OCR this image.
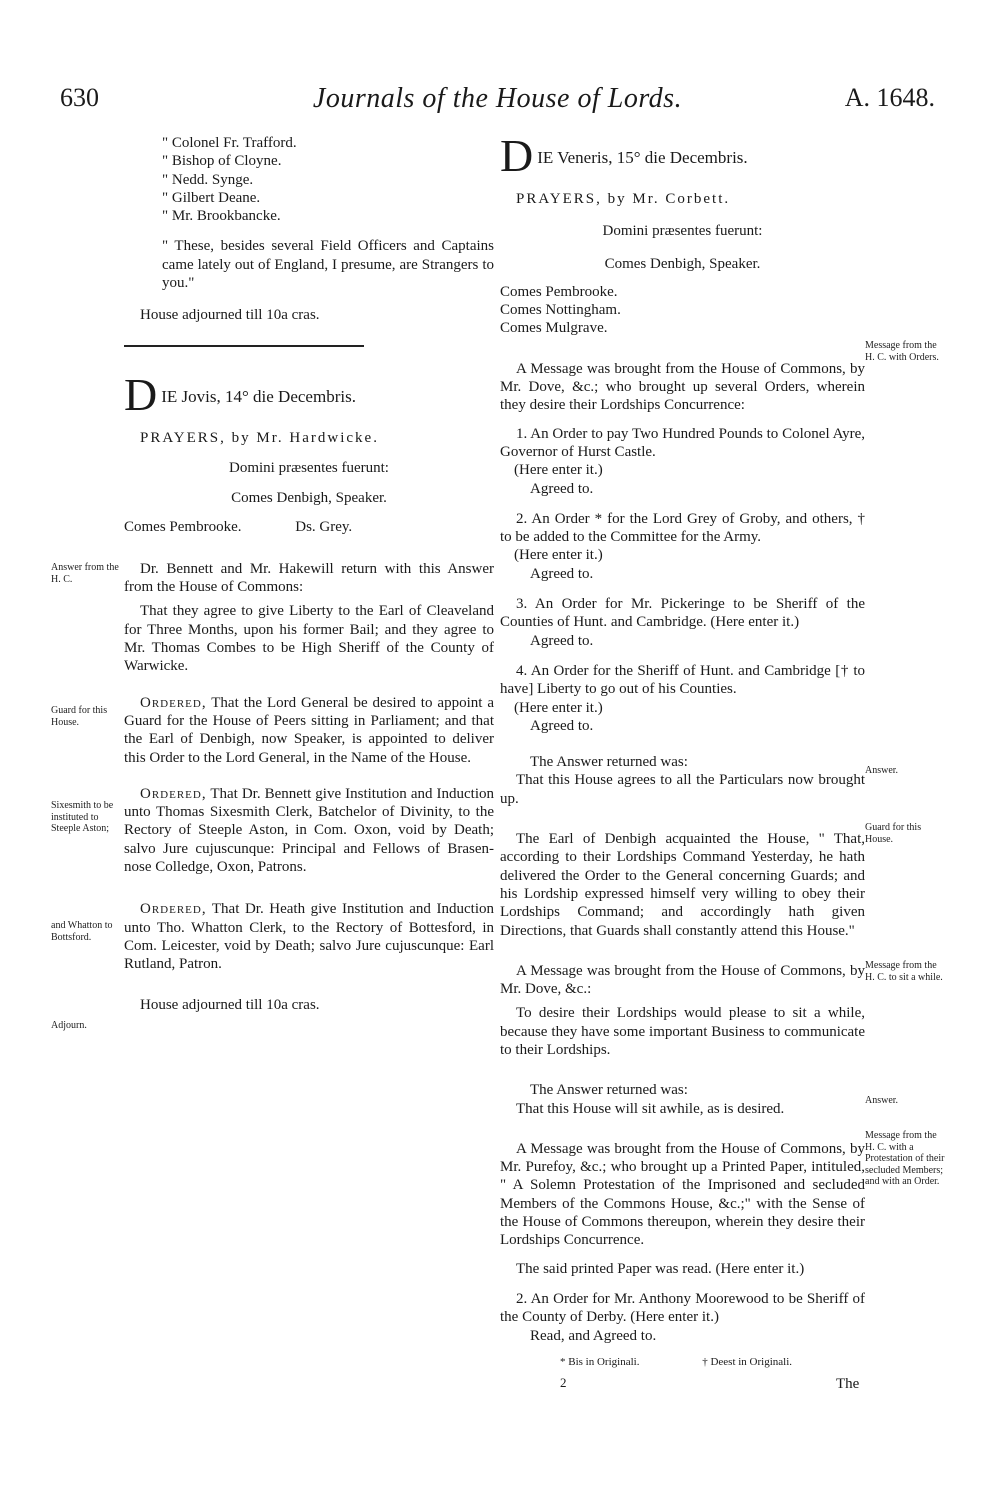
630	Journals of the House of Lords.	A. 1648.

" Colonel Fr. Trafford.

" Bishop of Cloyne.

" Nedd. Synge.

" Gilbert Deane.

" Mr. Brookbancke.

" These, besides several Field Officers and Captains came lately out of England, I presume, are Strangers to you."

House adjourned till 10a cras.

D IE Jovis, 14° die Decembris.

PRAYERS, by Mr. Hardwicke.

Domini præsentes fuerunt:

Comes Denbigh, Speaker.

Comes Pembrooke.	Ds. Grey.

Dr. Bennett and Mr. Hakewill return with this Answer from the House of Commons:

That they agree to give Liberty to the Earl of Cleaveland for Three Months, upon his former Bail; and they agree to Mr. Thomas Combes to be High Sheriff of the County of Warwicke.

Ordered, That the Lord General be desired to appoint a Guard for the House of Peers sitting in Parliament; and that the Earl of Denbigh, now Speaker, is appointed to deliver this Order to the Lord General, in the Name of the House.

Ordered, That Dr. Bennett give Institution and Induction unto Thomas Sixesmith Clerk, Batchelor of Divinity, to the Rectory of Steeple Aston, in Com. Oxon, void by Death; salvo Jure cujuscunque: Principal and Fellows of Brasen-nose Colledge, Oxon, Patrons.

Ordered, That Dr. Heath give Institution and Induction unto Tho. Whatton Clerk, to the Rectory of Bottesford, in Com. Leicester, void by Death; salvo Jure cujuscunque: Earl Rutland, Patron.

House adjourned till 10a cras.

Answer from the H. C.
Guard for this House.
Sixesmith to be instituted to Steeple Aston;
and Whatton to Bottsford.
Adjourn.
D IE Veneris, 15° die Decembris.

PRAYERS, by Mr. Corbett.

Domini præsentes fuerunt:

Comes Denbigh, Speaker.

Comes Pembrooke.

Comes Nottingham.

Comes Mulgrave.

A Message was brought from the House of Commons, by Mr. Dove, &c.; who brought up several Orders, wherein they desire their Lordships Concurrence:

1. An Order to pay Two Hundred Pounds to Colonel Ayre, Governor of Hurst Castle.

(Here enter it.)

Agreed to.

2. An Order * for the Lord Grey of Groby, and others, † to be added to the Committee for the Army.

(Here enter it.)

Agreed to.

3. An Order for Mr. Pickeringe to be Sheriff of the Counties of Hunt. and Cambridge. (Here enter it.)

Agreed to.

4. An Order for the Sheriff of Hunt. and Cambridge [† to have] Liberty to go out of his Counties.

(Here enter it.)

Agreed to.

The Answer returned was:

That this House agrees to all the Particulars now brought up.

The Earl of Denbigh acquainted the House, " That, according to their Lordships Command Yesterday, he hath delivered the Order to the General concerning Guards; and his Lordship expressed himself very willing to obey their Lordships Command; and accordingly hath given Directions, that Guards shall constantly attend this House."

A Message was brought from the House of Commons, by Mr. Dove, &c.:

To desire their Lordships would please to sit a while, because they have some important Business to communicate to their Lordships.

The Answer returned was:

That this House will sit awhile, as is desired.

A Message was brought from the House of Commons, by Mr. Purefoy, &c.; who brought up a Printed Paper, intituled, " A Solemn Protestation of the Imprisoned and secluded Members of the Commons House, &c.;" with the Sense of the House of Commons thereupon, wherein they desire their Lordships Concurrence.

The said printed Paper was read. (Here enter it.)

2. An Order for Mr. Anthony Moorewood to be Sheriff of the County of Derby. (Here enter it.)

Read, and Agreed to.

Message from the H. C. with Orders.
Answer.
Guard for this House.
Message from the H. C. to sit a while.
Answer.
Message from the H. C. with a Protestation of their secluded Members; and with an Order.
* Bis in Originali.	† Deest in Originali.
2	The
